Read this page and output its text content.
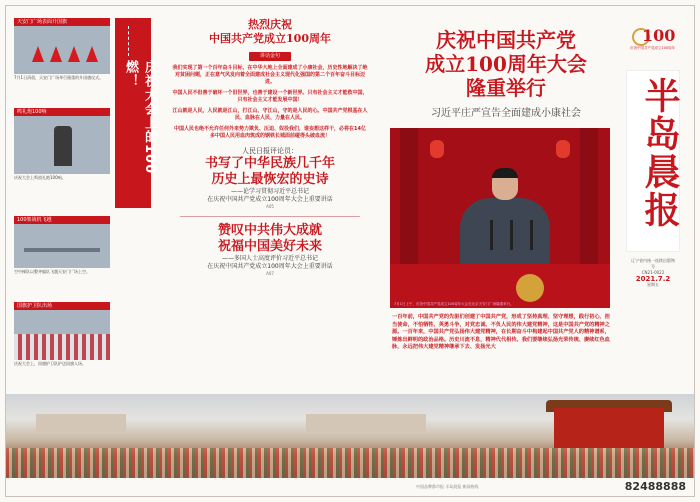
天安门广场表面升国旗
7月1日清晨，天安门广场举行隆重的升国旗仪式。
鸣礼炮100响
庆祝大会上鸣放礼炮100响。
100架战机飞越
空中梯队以整齐编队飞越天安门广场上空。
国旗护卫队出场
庆祝大会上，国旗护卫队护送国旗入场。
庆祝大会上的100，燃！
热烈庆祝
中国共产党成立100周年
讲话金句
我们实现了第一个百年奋斗目标，在中华大地上全面建成了小康社会，历史性地解决了绝对贫困问题，正在意气风发向着全面建成社会主义现代化强国的第二个百年奋斗目标迈进。
中国人民不但善于破坏一个旧世界，也善于建设一个新世界。只有社会主义才能救中国，只有社会主义才能发展中国！
江山就是人民，人民就是江山，打江山、守江山，守的是人民的心。中国共产党根基在人民、血脉在人民、力量在人民。
中国人民也绝不允许任何外来势力欺负、压迫、奴役我们，谁妄想这样干，必将在14亿多中国人民用血肉筑成的钢铁长城面前碰得头破血流！
人民日报评论员：
书写了中华民族几千年
历史上最恢宏的史诗
——论学习贯彻习近平总书记
在庆祝中国共产党成立100周年大会上重要讲话
A05
赞叹中共伟大成就
祝福中国美好未来
——多国人士高度评价习近平总书记
在庆祝中国共产党成立100周年大会上重要讲话
A07
庆祝中国共产党
成立100周年大会
隆重举行
习近平庄严宣告全面建成小康社会
7月1日上午，庆祝中国共产党成立100周年大会在北京天安门广场隆重举行。
一百年前，中国共产党的先驱们创建了中国共产党，形成了坚持真理、坚守理想，践行初心、担当使命，不怕牺牲、英勇斗争，对党忠诚、不负人民的伟大建党精神，这是中国共产党的精神之源。一百年来，中国共产党弘扬伟大建党精神，在长期奋斗中构建起中国共产党人的精神谱系，锤炼出鲜明的政治品格。历史川流不息，精神代代相传。我们要继续弘扬光荣传统、赓续红色血脉，永远把伟大建党精神继承下去、发扬光大
100
庆祝中国共产党成立100周年
半岛晨报
辽宁省内统一连续出版物号
CN21-0022
2021.7.2
星期五
中国品牌都市报 半岛晨报 新闻热线	82488888
